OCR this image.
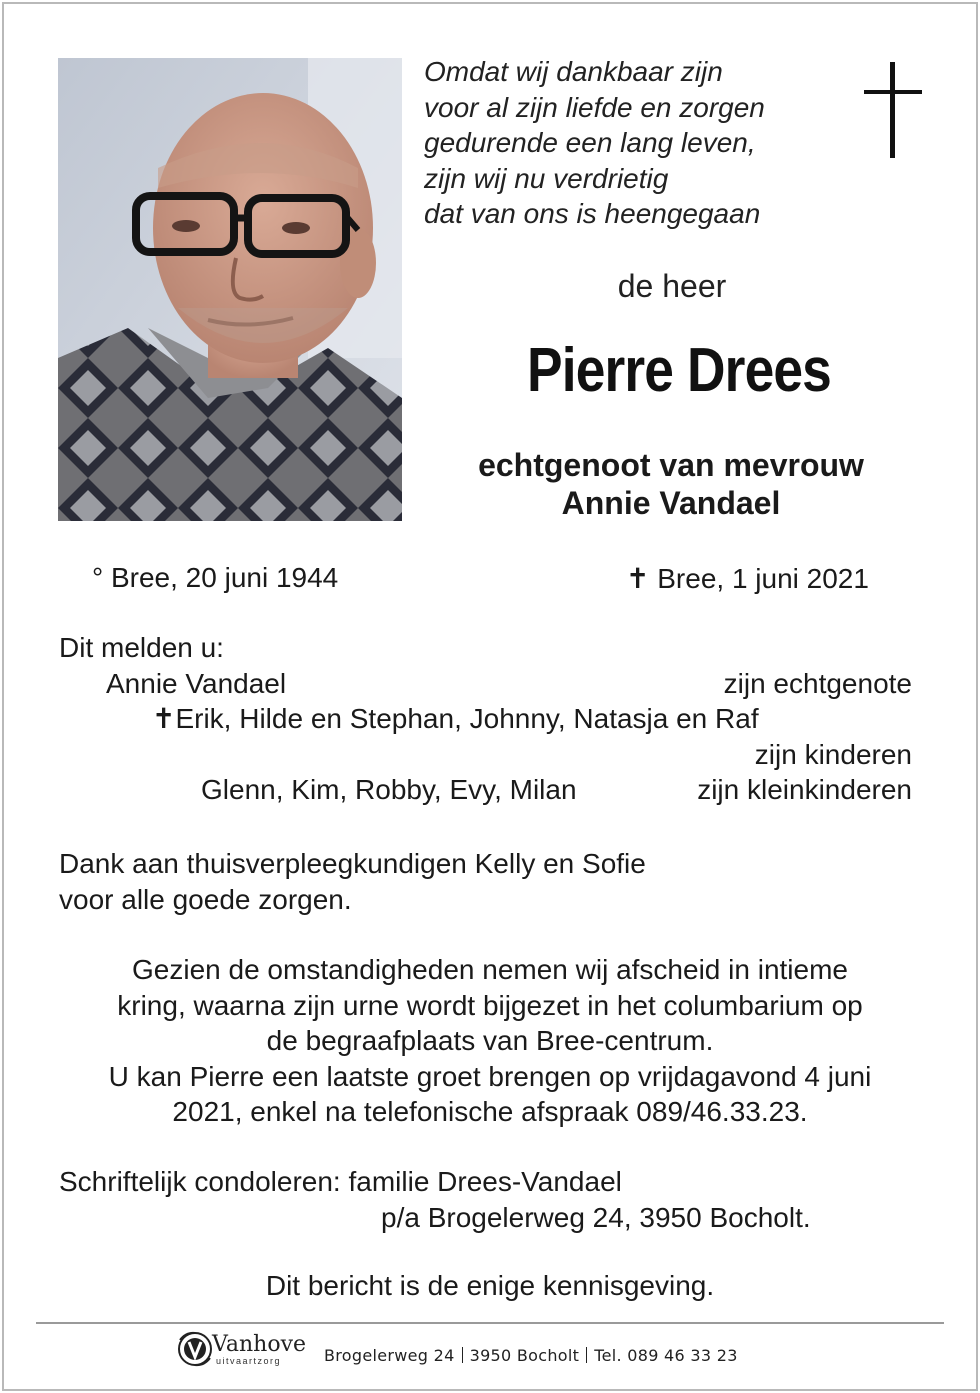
Omdat wij dankbaar zijn
voor al zijn liefde en zorgen
gedurende een lang leven,
zijn wij nu verdrietig
dat van ons is heengegaan
de heer
Pierre Drees
echtgenoot van mevrouw
Annie Vandael
° Bree, 20 juni 1944	✝ Bree, 1 juni 2021
Dit melden u:
Annie Vandael	zijn echtgenote
✝Erik, Hilde en Stephan, Johnny, Natasja en Raf
zijn kinderen
Glenn, Kim, Robby, Evy, Milan	zijn kleinkinderen
Dank aan thuisverpleegkundigen Kelly en Sofie
voor alle goede zorgen.
Gezien de omstandigheden nemen wij afscheid in intieme
kring, waarna zijn urne wordt bijgezet in het columbarium op
de begraafplaats van Bree-centrum.
U kan Pierre een laatste groet brengen op vrijdagavond 4 juni
2021, enkel na telefonische afspraak 089/46.33.23.
Schriftelijk condoleren: familie Drees-Vandael
p/a Brogelerweg 24, 3950 Bocholt.
Dit bericht is de enige kennisgeving.
Vanhove
uitvaartzorg	Brogelerweg 24 3950 Bocholt Tel. 089 46 33 23
